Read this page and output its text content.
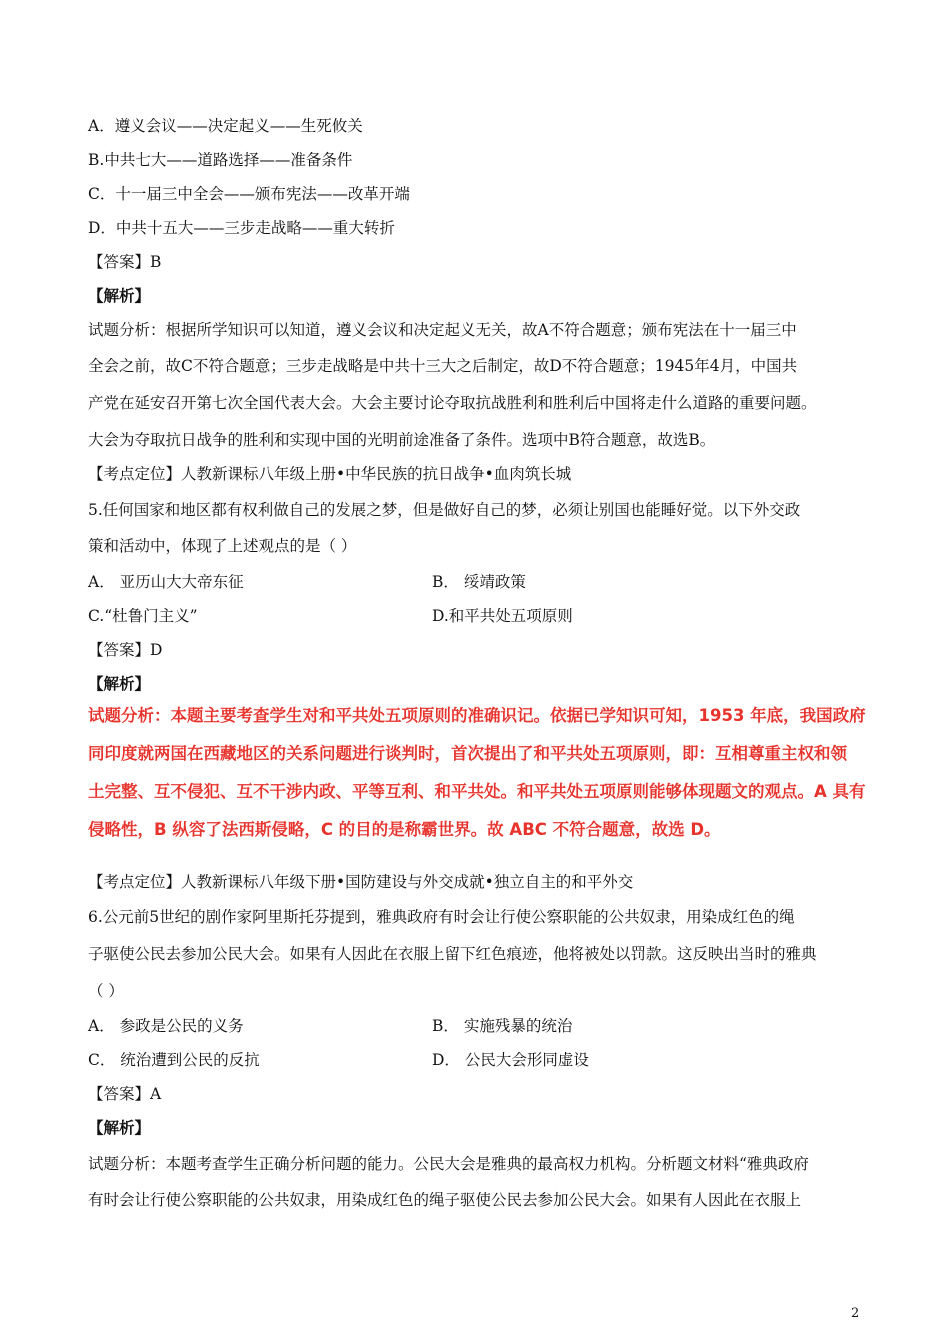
A．遵义会议——决定起义——生死攸关

B.中共七大——道路选择——准备条件

C．十一届三中全会——颁布宪法——改革开端

D．中共十五大——三步走战略——重大转折

【答案】B

【解析】

试题分析：根据所学知识可以知道，遵义会议和决定起义无关，故A不符合题意；颁布宪法在十一届三中

全会之前，故C不符合题意；三步走战略是中共十三大之后制定，故D不符合题意；1945年4月，中国共

产党在延安召开第七次全国代表大会。大会主要讨论夺取抗战胜利和胜利后中国将走什么道路的重要问题。

大会为夺取抗日战争的胜利和实现中国的光明前途准备了条件。选项中B符合题意，故选B。

【考点定位】人教新课标八年级上册•中华民族的抗日战争•血肉筑长城

5.任何国家和地区都有权利做自己的发展之梦，但是做好自己的梦，必须让别国也能睡好觉。以下外交政

策和活动中，体现了上述观点的是（ ）

A． 亚历山大大帝东征	B． 绥靖政策

C.“杜鲁门主义”	D.和平共处五项原则

【答案】D

【解析】

试题分析：本题主要考查学生对和平共处五项原则的准确识记。依据已学知识可知，1953 年底，我国政府

同印度就两国在西藏地区的关系问题进行谈判时，首次提出了和平共处五项原则，即：互相尊重主权和领

土完整、互不侵犯、互不干涉内政、平等互利、和平共处。和平共处五项原则能够体现题文的观点。A 具有

侵略性，B 纵容了法西斯侵略，C 的目的是称霸世界。故 ABC 不符合题意，故选 D。

【考点定位】人教新课标八年级下册•国防建设与外交成就•独立自主的和平外交

6.公元前5世纪的剧作家阿里斯托芬提到，雅典政府有时会让行使公察职能的公共奴隶，用染成红色的绳

子驱使公民去参加公民大会。如果有人因此在衣服上留下红色痕迹，他将被处以罚款。这反映出当时的雅典

（ ）

A． 参政是公民的义务	B． 实施残暴的统治

C． 统治遭到公民的反抗	D． 公民大会形同虚设

【答案】A

【解析】

试题分析：本题考查学生正确分析问题的能力。公民大会是雅典的最高权力机构。分析题文材料“雅典政府

有时会让行使公察职能的公共奴隶，用染成红色的绳子驱使公民去参加公民大会。如果有人因此在衣服上

2
